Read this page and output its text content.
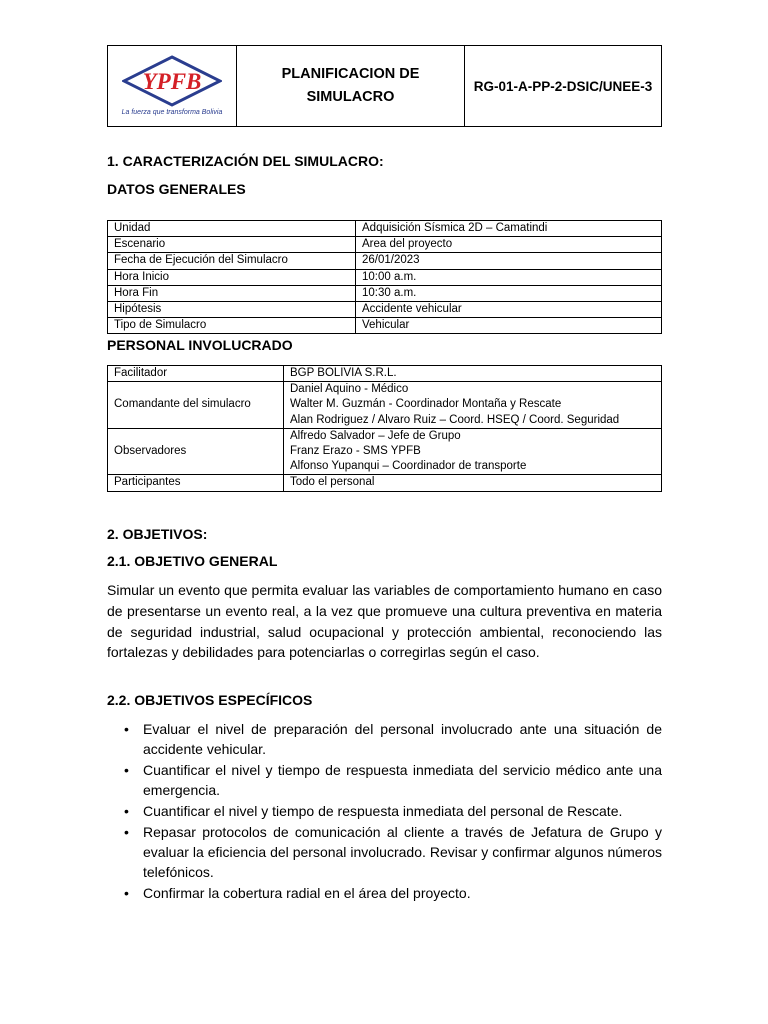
YPFB
La fuerza que transforma Bolivia
	PLANIFICACION DE
SIMULACRO	RG-01-A-PP-2-DSIC/UNEE-3
1. CARACTERIZACIÓN DEL SIMULACRO:
DATOS GENERALES
Unidad	Adquisición Sísmica 2D – Camatindi
Escenario	Area del proyecto
Fecha de Ejecución del Simulacro	26/01/2023
Hora Inicio	10:00 a.m.
Hora Fin	10:30 a.m.
Hipótesis	Accidente vehicular
Tipo de Simulacro	Vehicular
PERSONAL INVOLUCRADO
Facilitador	BGP BOLIVIA S.R.L.
Comandante del simulacro	Daniel Aquino - Médico
Walter M. Guzmán - Coordinador Montaña y Rescate
Alan Rodriguez / Alvaro Ruiz – Coord. HSEQ / Coord. Seguridad
Observadores	Alfredo Salvador – Jefe de Grupo
Franz Erazo - SMS YPFB
Alfonso Yupanqui – Coordinador de transporte
Participantes	Todo el personal
2. OBJETIVOS:
2.1. OBJETIVO GENERAL

Simular un evento que permita evaluar las variables de comportamiento humano en caso de presentarse un evento real, a la vez que promueve una cultura preventiva en materia de seguridad industrial, salud ocupacional y protección ambiental, reconociendo las fortalezas y debilidades para potenciarlas o corregirlas según el caso.

2.2. OBJETIVOS ESPECÍFICOS
• Evaluar el nivel de preparación del personal involucrado ante una situación de accidente vehicular.
• Cuantificar el nivel y tiempo de respuesta inmediata del servicio médico ante una emergencia.
• Cuantificar el nivel y tiempo de respuesta inmediata del personal de Rescate.
• Repasar protocolos de comunicación al cliente a través de Jefatura de Grupo y evaluar la eficiencia del personal involucrado. Revisar y confirmar algunos números telefónicos.
• Confirmar la cobertura radial en el área del proyecto.
